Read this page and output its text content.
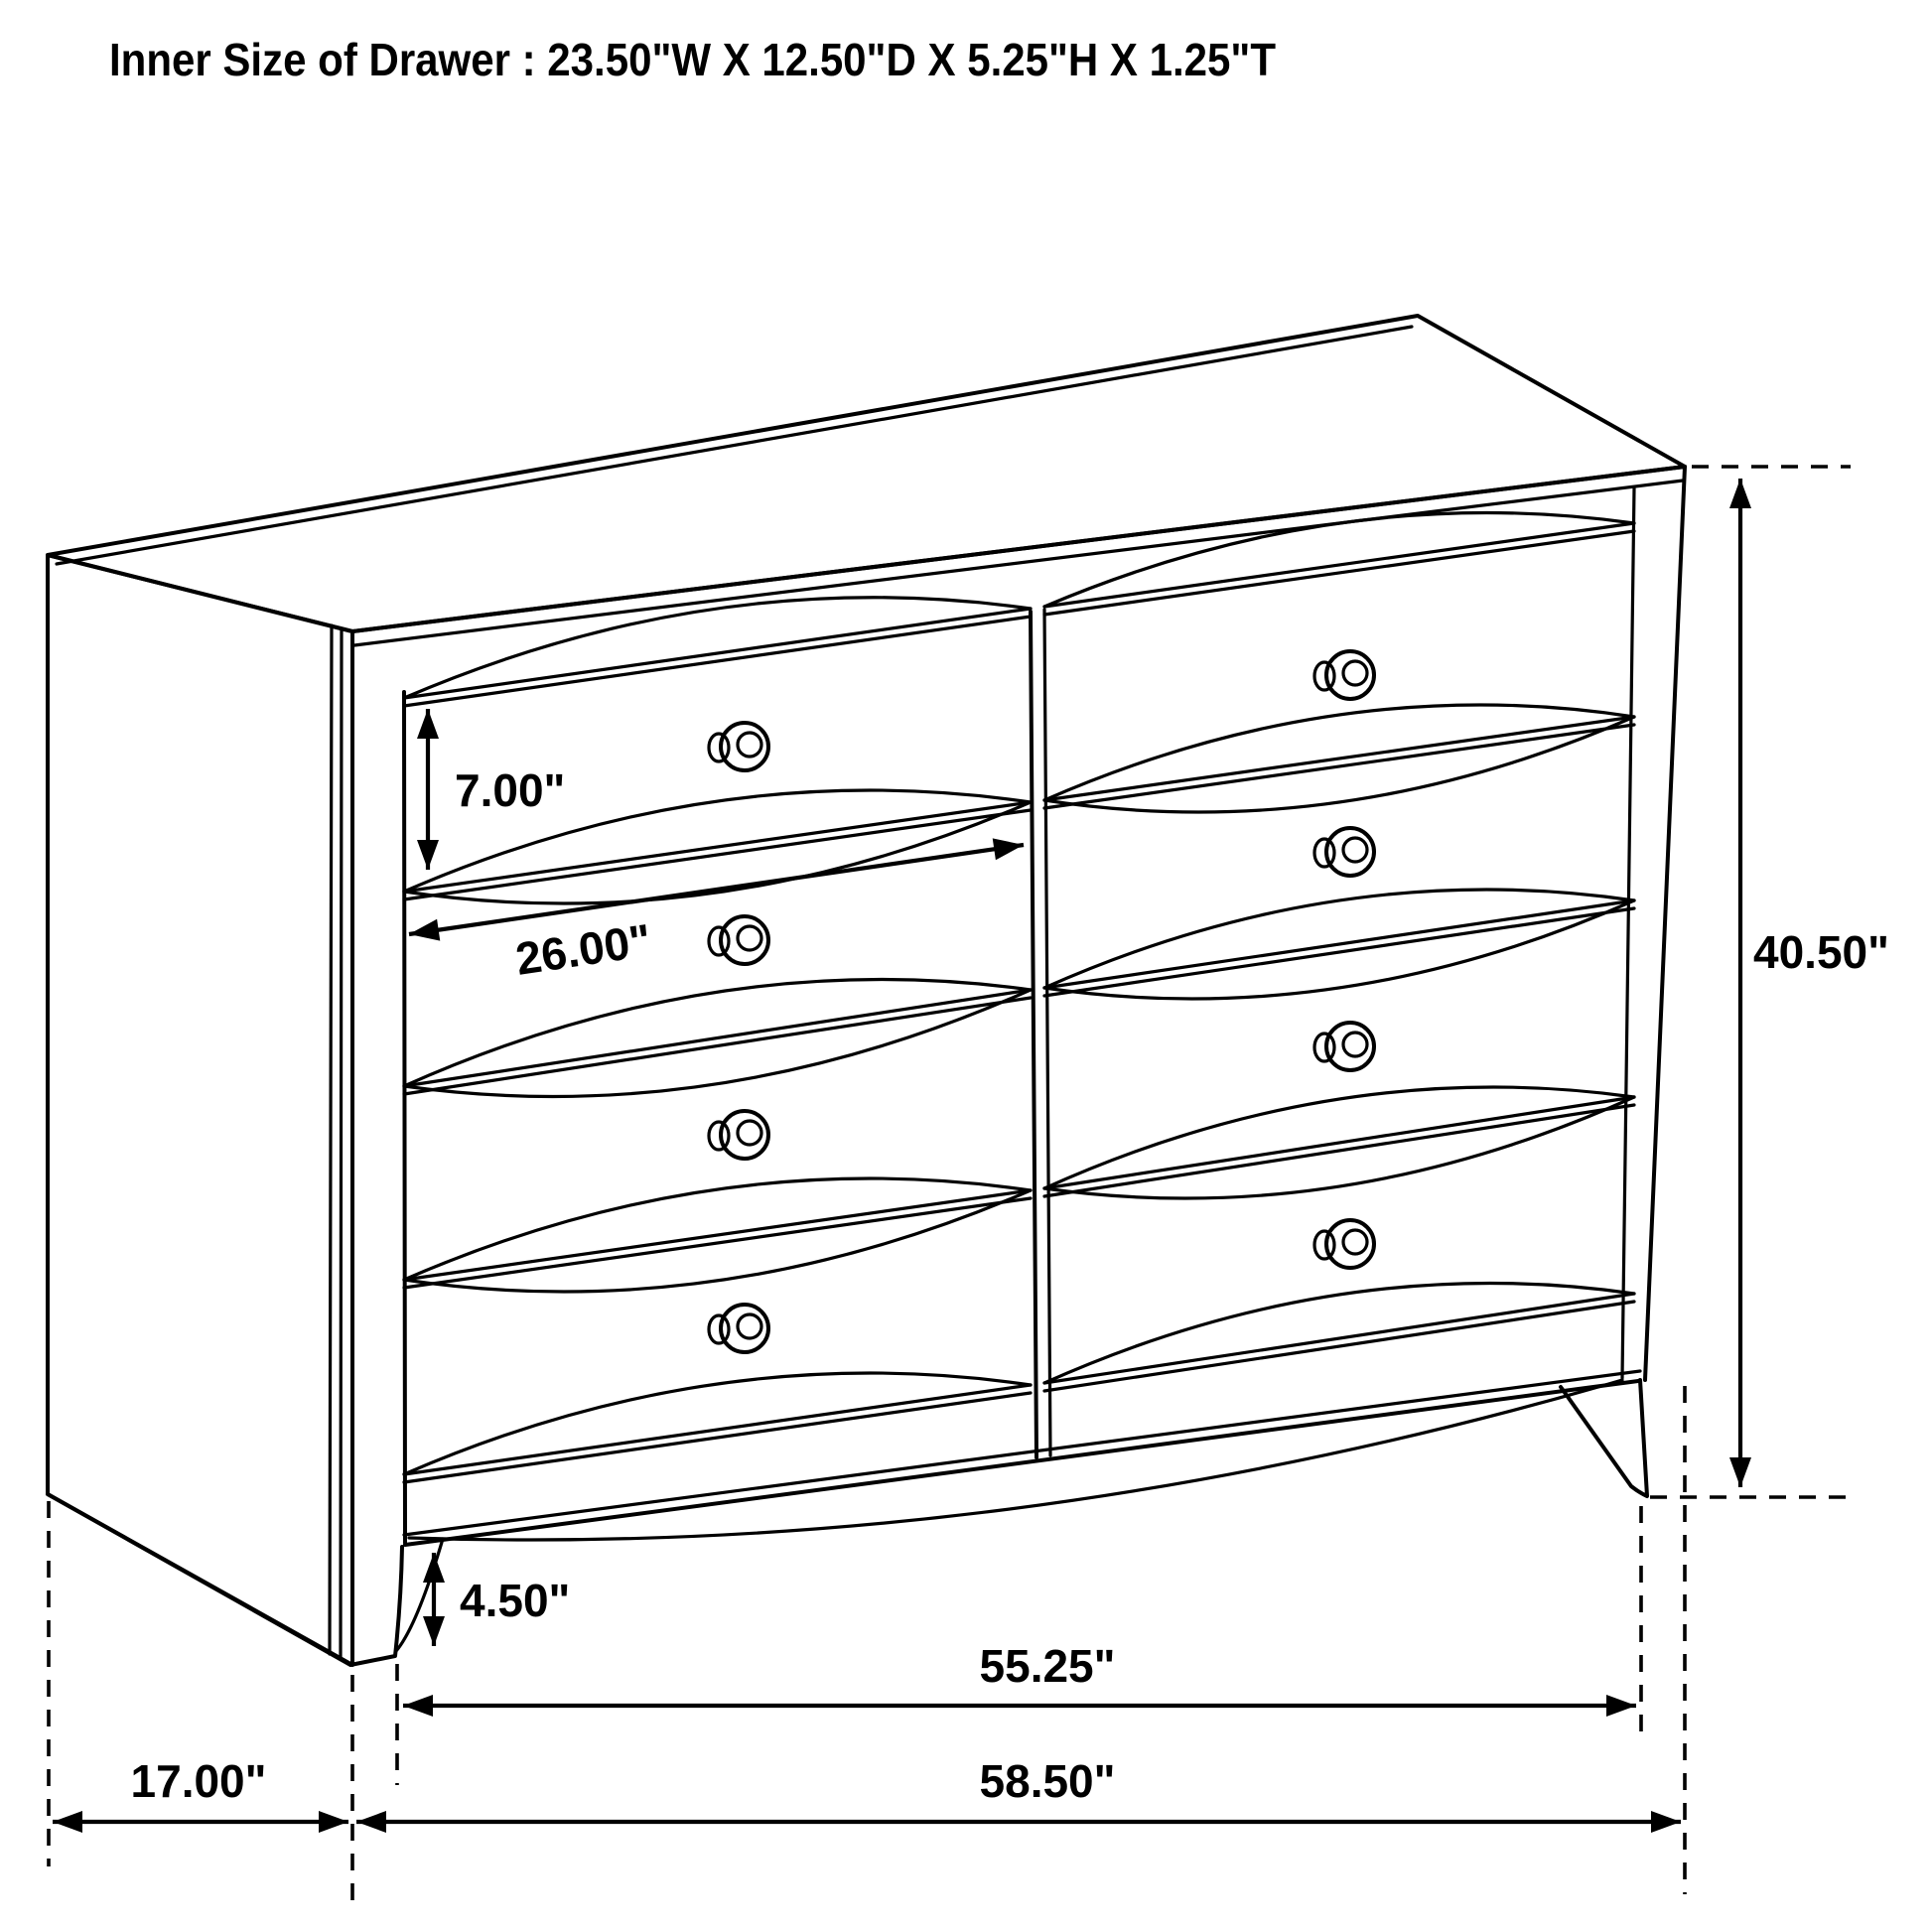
7.00"
26.00"	40.50"
4.50"
55.25"
17.00"	58.50"
Inner Size of Drawer : 23.50"W X 12.50"D X 5.25"H X 1.25"T
